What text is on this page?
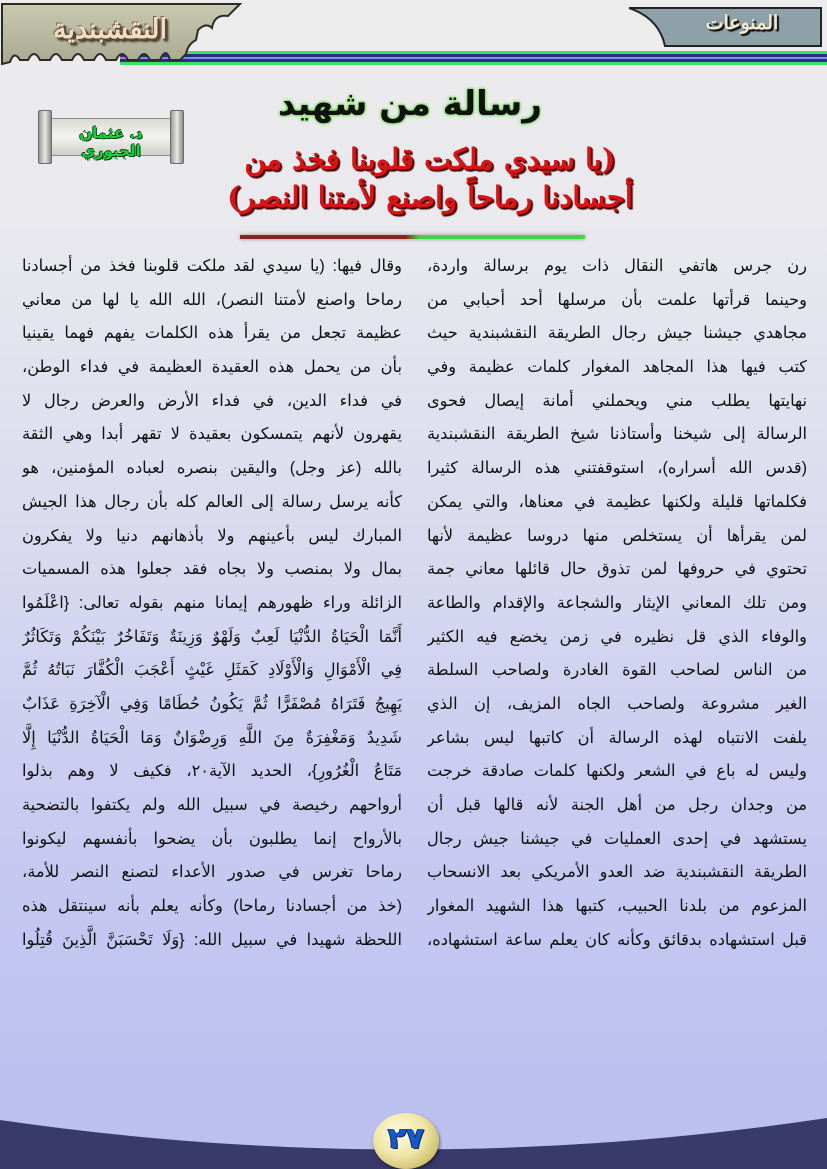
النقشبندية	المنوعات
رسالة من شهيد
(يا سيدي ملكت قلوبنا فخذ من
أجسادنا رماحاً واصنع لأمتنا النصر)
د. عثمان الجبوري
رن جرس هاتفي النقال ذات يوم برسالة واردة،
وحينما قرأتها علمت بأن مرسلها أحد أحبابي من
مجاهدي جيشنا جيش رجال الطريقة النقشبندية حيث
كتب فيها هذا المجاهد المغوار كلمات عظيمة وفي
نهايتها يطلب مني ويحملني أمانة إيصال فحوى
الرسالة إلى شيخنا وأستاذنا شيخ الطريقة النقشبندية
(قدس الله أسراره)، استوقفتني هذه الرسالة كثيرا
فكلماتها قليلة ولكنها عظيمة في معناها، والتي يمكن
لمن يقرأها أن يستخلص منها دروسا عظيمة لأنها
تحتوي في حروفها لمن تذوق حال قائلها معاني جمة
ومن تلك المعاني الإيثار والشجاعة والإقدام والطاعة
والوفاء الذي قل نظيره في زمن يخضع فيه الكثير
من الناس لصاحب القوة الغادرة ولصاحب السلطة
الغير مشروعة ولصاحب الجاه المزيف، إن الذي
يلفت الانتباه لهذه الرسالة أن كاتبها ليس بشاعر
وليس له باع في الشعر ولكنها كلمات صادقة خرجت
من وجدان رجل من أهل الجنة لأنه قالها قبل أن
يستشهد في إحدى العمليات في جيشنا جيش رجال
الطريقة النقشبندية ضد العدو الأمريكي بعد الانسحاب
المزعوم من بلدنا الحبيب، كتبها هذا الشهيد المغوار
قبل استشهاده بدقائق وكأنه كان يعلم ساعة استشهاده،
وقال فيها: (يا سيدي لقد ملكت قلوبنا فخذ من أجسادنا
رماحا واصنع لأمتنا النصر)، الله الله يا لها من معاني
عظيمة تجعل من يقرأ هذه الكلمات يفهم فهما يقينيا
بأن من يحمل هذه العقيدة العظيمة في فداء الوطن،
في فداء الدين، في فداء الأرض والعرض رجال لا
يقهرون لأنهم يتمسكون بعقيدة لا تقهر أبدا وهي الثقة
بالله (عز وجل) واليقين بنصره لعباده المؤمنين، هو
كأنه يرسل رسالة إلى العالم كله بأن رجال هذا الجيش
المبارك ليس بأعينهم ولا بأذهانهم دنيا ولا يفكرون
بمال ولا بمنصب ولا بجاه فقد جعلوا هذه المسميات
الزائلة وراء ظهورهم إيمانا منهم بقوله تعالى: {اعْلَمُوا
أَنَّمَا الْحَيَاةُ الدُّنْيَا لَعِبٌ وَلَهْوٌ وَزِينَةٌ وَتَفَاخُرٌ بَيْنَكُمْ وَتَكَاثُرٌ
فِي الْأَمْوَالِ وَالْأَوْلَادِ كَمَثَلِ غَيْثٍ أَعْجَبَ الْكُفَّارَ نَبَاتُهُ ثُمَّ
يَهِيجُ فَتَرَاهُ مُصْفَرًّا ثُمَّ يَكُونُ حُطَامًا وَفِي الْآخِرَةِ عَذَابٌ
شَدِيدٌ وَمَغْفِرَةٌ مِنَ اللَّهِ وَرِضْوَانٌ وَمَا الْحَيَاةُ الدُّنْيَا إِلَّا
مَتَاعُ الْغُرُورِ}، الحديد الآية٢٠، فكيف لا وهم بذلوا
أرواحهم رخيصة في سبيل الله ولم يكتفوا بالتضحية
بالأرواح إنما يطلبون بأن يضحوا بأنفسهم ليكونوا
رماحا تغرس في صدور الأعداء لتصنع النصر للأمة،
(خذ من أجسادنا رماحا) وكأنه يعلم بأنه سينتقل هذه
اللحظة شهيدا في سبيل الله: {وَلَا تَحْسَبَنَّ الَّذِينَ قُتِلُوا
٢٧
